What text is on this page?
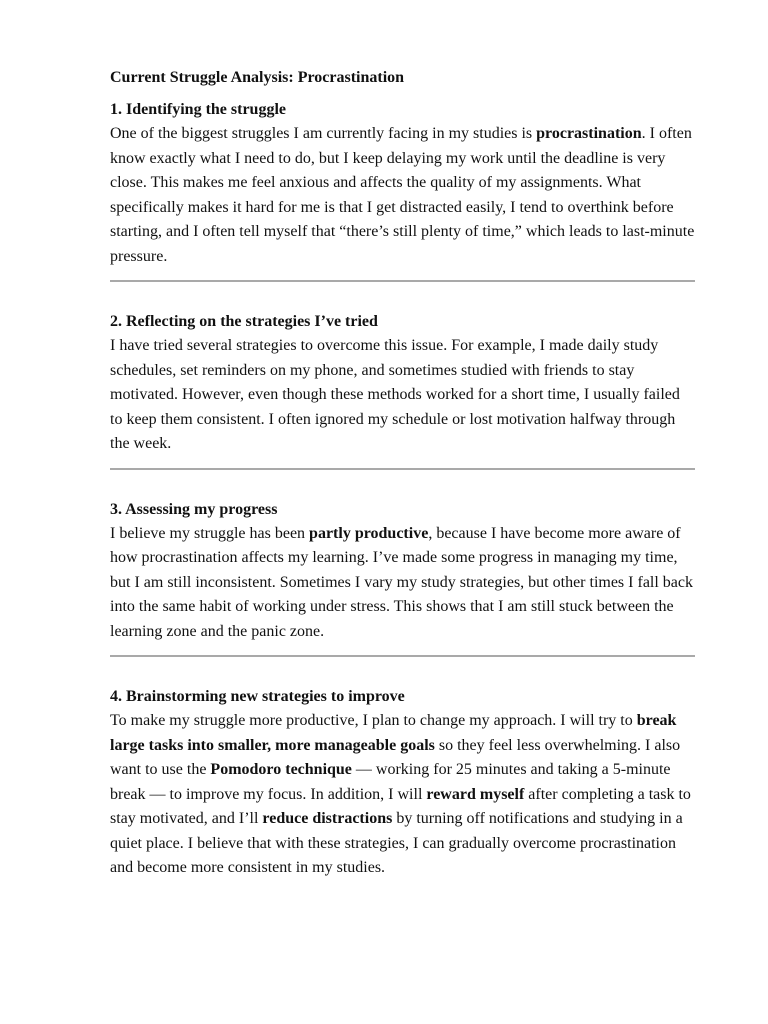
Current Struggle Analysis: Procrastination
1. Identifying the struggle

One of the biggest struggles I am currently facing in my studies is procrastination. I often know exactly what I need to do, but I keep delaying my work until the deadline is very close. This makes me feel anxious and affects the quality of my assignments. What specifically makes it hard for me is that I get distracted easily, I tend to overthink before starting, and I often tell myself that “there’s still plenty of time,” which leads to last-minute pressure.

2. Reflecting on the strategies I’ve tried

I have tried several strategies to overcome this issue. For example, I made daily study schedules, set reminders on my phone, and sometimes studied with friends to stay motivated. However, even though these methods worked for a short time, I usually failed to keep them consistent. I often ignored my schedule or lost motivation halfway through the week.

3. Assessing my progress

I believe my struggle has been partly productive, because I have become more aware of how procrastination affects my learning. I’ve made some progress in managing my time, but I am still inconsistent. Sometimes I vary my study strategies, but other times I fall back into the same habit of working under stress. This shows that I am still stuck between the learning zone and the panic zone.

4. Brainstorming new strategies to improve

To make my struggle more productive, I plan to change my approach. I will try to break large tasks into smaller, more manageable goals so they feel less overwhelming. I also want to use the Pomodoro technique — working for 25 minutes and taking a 5-minute break — to improve my focus. In addition, I will reward myself after completing a task to stay motivated, and I’ll reduce distractions by turning off notifications and studying in a quiet place. I believe that with these strategies, I can gradually overcome procrastination and become more consistent in my studies.
